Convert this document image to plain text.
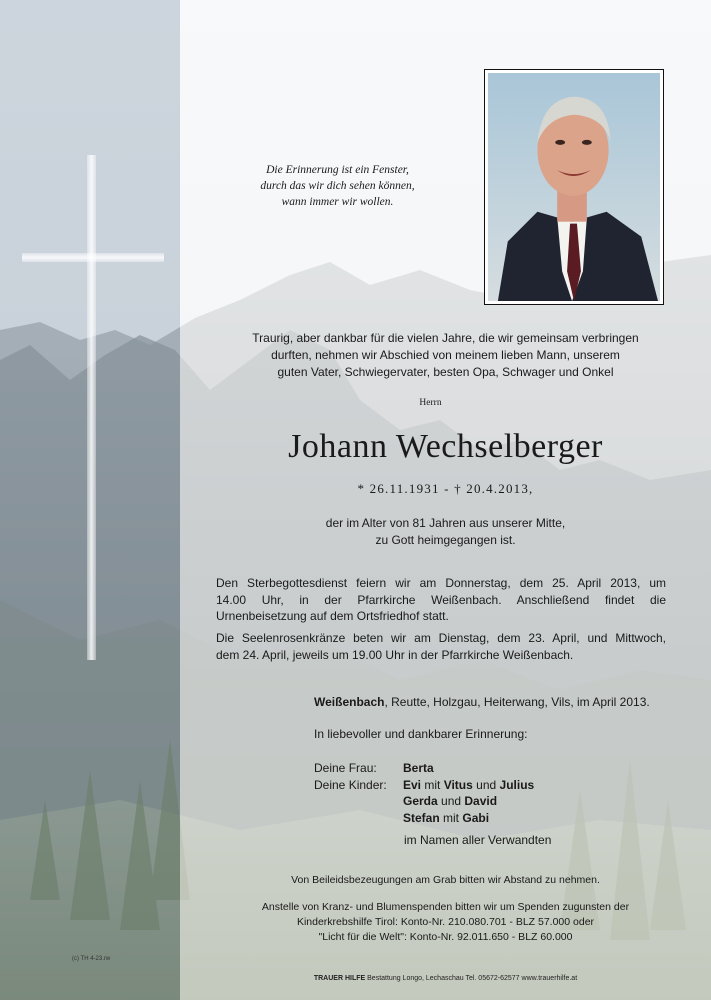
Die Erinnerung ist ein Fenster,
durch das wir dich sehen können,
wann immer wir wollen.
Traurig, aber dankbar für die vielen Jahre, die wir gemeinsam verbringen
durften, nehmen wir Abschied von meinem lieben Mann, unserem
guten Vater, Schwiegervater, besten Opa, Schwager und Onkel
Herrn
Johann Wechselberger
* 26.11.1931 - † 20.4.2013,
der im Alter von 81 Jahren aus unserer Mitte,
zu Gott heimgegangen ist.
Den Sterbegottesdienst feiern wir am Donnerstag, dem 25. April 2013, um
14.00 Uhr, in der Pfarrkirche Weißenbach. Anschließend findet die
Urnenbeisetzung auf dem Ortsfriedhof statt.
Die Seelenrosenkränze beten wir am Dienstag, dem 23. April, und Mittwoch,
dem 24. April, jeweils um 19.00 Uhr in der Pfarrkirche Weißenbach.
Weißenbach, Reutte, Holzgau, Heiterwang, Vils, im April 2013.
In liebevoller und dankbarer Erinnerung:
Deine Frau:	Berta
Deine Kinder:	Evi mit Vitus und Julius
Gerda und David
Stefan mit Gabi
im Namen aller Verwandten
Von Beileidsbezeugungen am Grab bitten wir Abstand zu nehmen.
Anstelle von Kranz- und Blumenspenden bitten wir um Spenden zugunsten der
Kinderkrebshilfe Tirol: Konto-Nr. 210.080.701 - BLZ 57.000 oder
"Licht für die Welt": Konto-Nr. 92.011.650 - BLZ 60.000
(c) TH 4-23.rw
TRAUER HILFE Bestattung Longo, Lechaschau Tel. 05672-62577 www.trauerhilfe.at
